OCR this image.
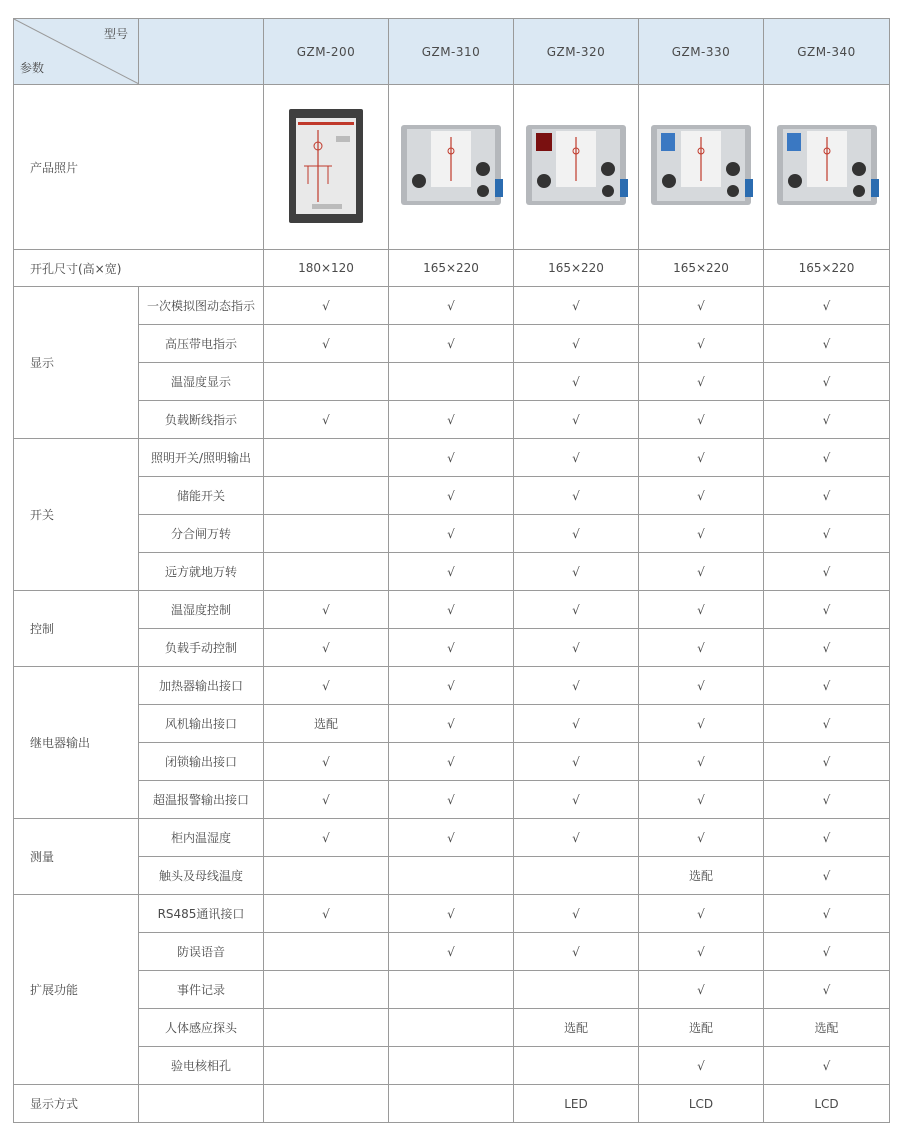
型号
参数		GZM-200	GZM-310	GZM-320	GZM-330	GZM-340
产品照片					
开孔尺寸(高×宽)		180×120	165×220	165×220	165×220	165×220
显示	一次模拟图动态指示	√	√	√	√	√
	高压带电指示	√	√	√	√	√
	温湿度显示			√	√	√
	负载断线指示	√	√	√	√	√
开关	照明开关/照明输出		√	√	√	√
	储能开关		√	√	√	√
	分合闸万转		√	√	√	√
	远方就地万转		√	√	√	√
控制	温湿度控制	√	√	√	√	√
	负载手动控制	√	√	√	√	√
继电器输出	加热器输出接口	√	√	√	√	√
	风机输出接口	选配	√	√	√	√
	闭锁输出接口	√	√	√	√	√
	超温报警输出接口	√	√	√	√	√
测量	柜内温湿度	√	√	√	√	√
	触头及母线温度				选配	√
扩展功能	RS485通讯接口	√	√	√	√	√
	防误语音		√	√	√	√
	事件记录				√	√
	人体感应探头			选配	选配	选配
	验电核相孔				√	√
显示方式				LED	LCD	LCD
